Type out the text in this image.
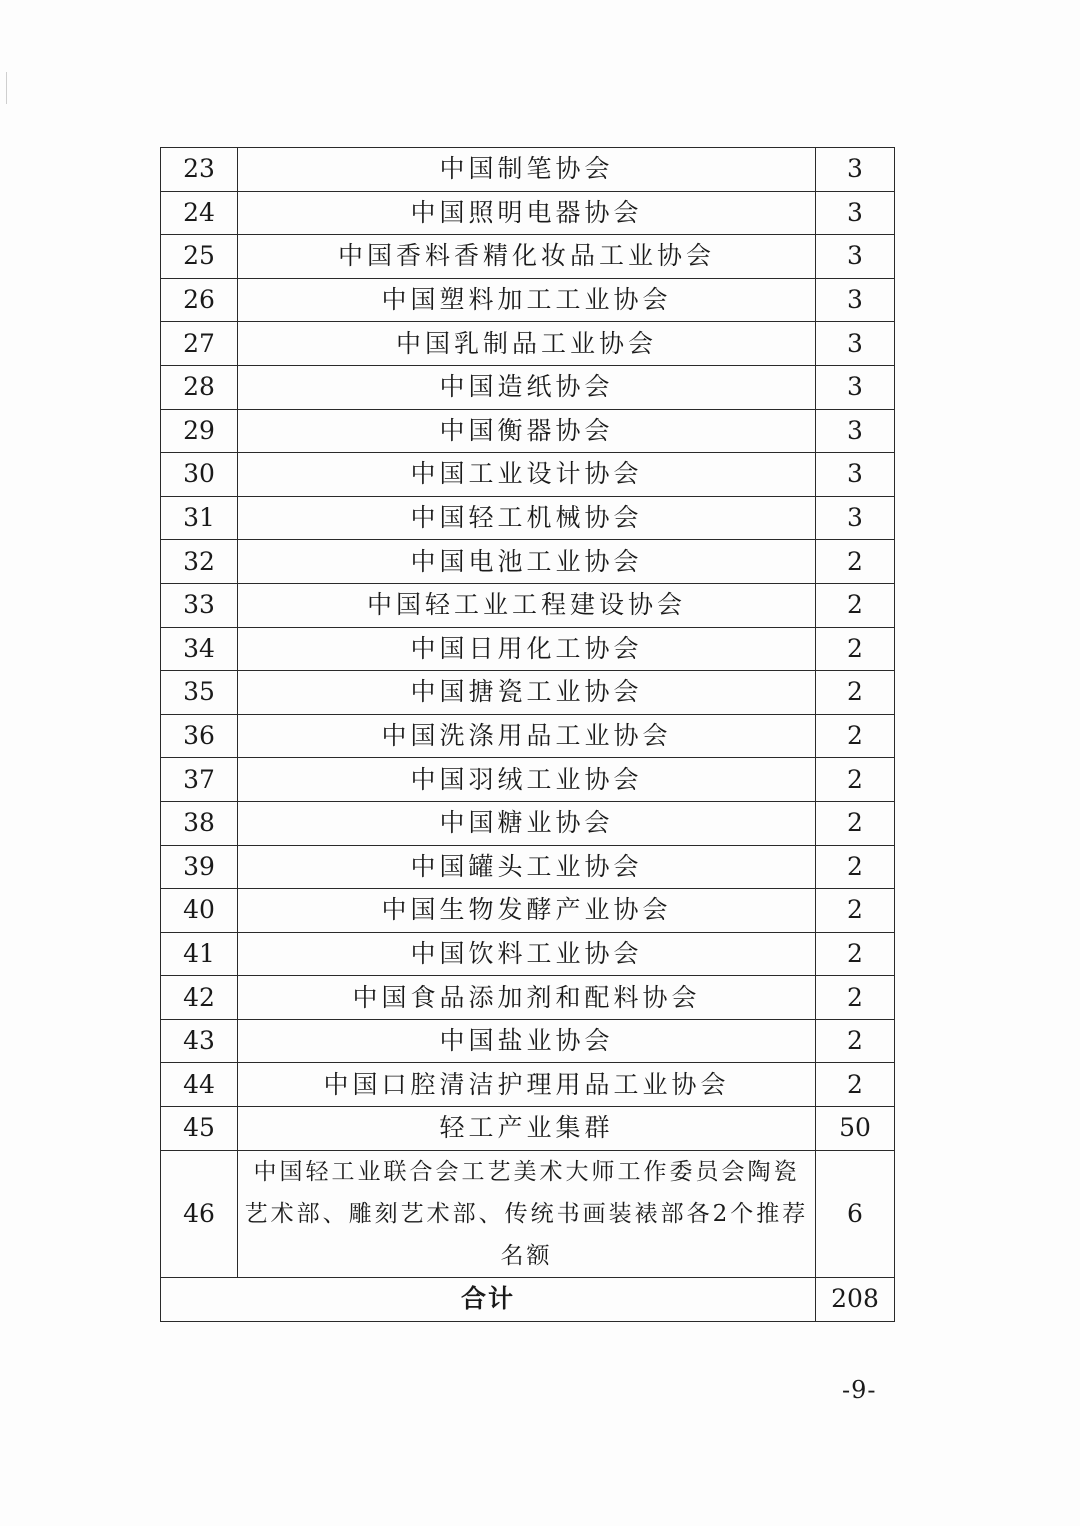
23	中国制笔协会	3
24	中国照明电器协会	3
25	中国香料香精化妆品工业协会	3
26	中国塑料加工工业协会	3
27	中国乳制品工业协会	3
28	中国造纸协会	3
29	中国衡器协会	3
30	中国工业设计协会	3
31	中国轻工机械协会	3
32	中国电池工业协会	2
33	中国轻工业工程建设协会	2
34	中国日用化工协会	2
35	中国搪瓷工业协会	2
36	中国洗涤用品工业协会	2
37	中国羽绒工业协会	2
38	中国糖业协会	2
39	中国罐头工业协会	2
40	中国生物发酵产业协会	2
41	中国饮料工业协会	2
42	中国食品添加剂和配料协会	2
43	中国盐业协会	2
44	中国口腔清洁护理用品工业协会	2
45	轻工产业集群	50
46	中国轻工业联合会工艺美术大师工作委员会陶瓷艺术部、雕刻艺术部、传统书画装裱部各2个推荐名额	6
合计		208
-9-
